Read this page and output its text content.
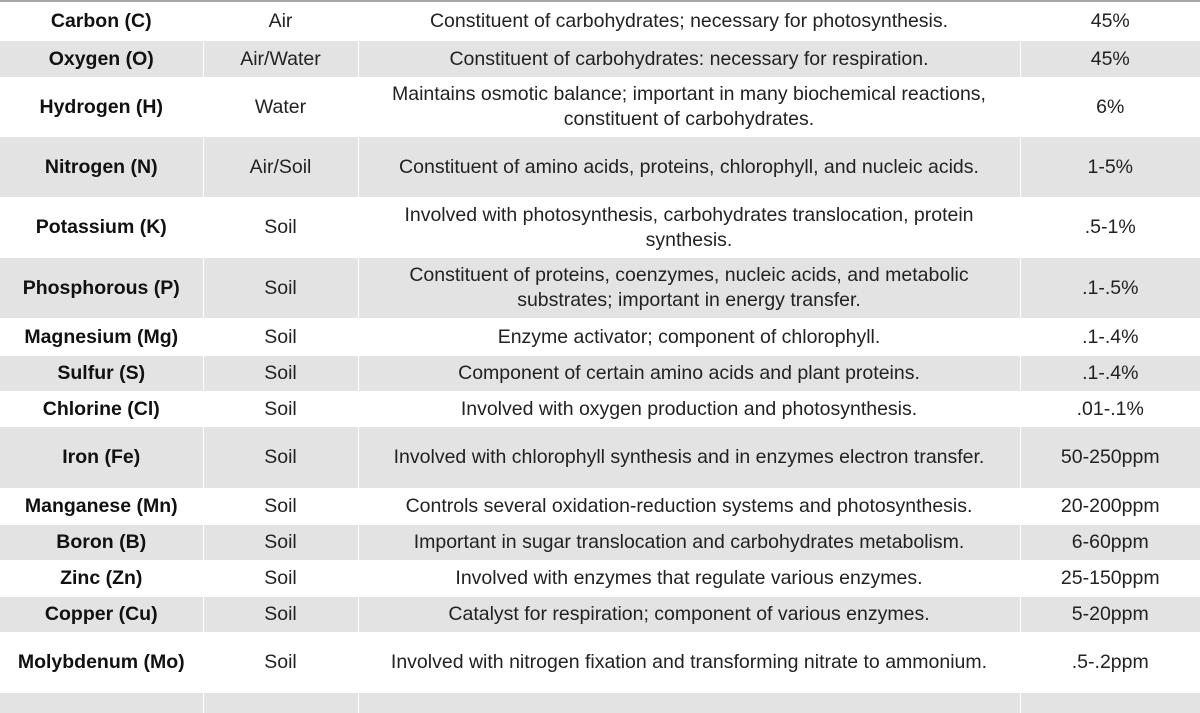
Carbon (C)	Air	Constituent of carbohydrates; necessary for photosynthesis.	45%
Oxygen (O)	Air/Water	Constituent of carbohydrates: necessary for respiration.	45%
Hydrogen (H)	Water	Maintains osmotic balance; important in many biochemical reactions, constituent of carbohydrates.	6%
Nitrogen (N)	Air/Soil	Constituent of amino acids, proteins, chlorophyll, and nucleic acids.	1-5%
Potassium (K)	Soil	Involved with photosynthesis, carbohydrates translocation, protein synthesis.	.5-1%
Phosphorous (P)	Soil	Constituent of proteins, coenzymes, nucleic acids, and metabolic substrates; important in energy transfer.	.1-.5%
Magnesium (Mg)	Soil	Enzyme activator; component of chlorophyll.	.1-.4%
Sulfur (S)	Soil	Component of certain amino acids and plant proteins.	.1-.4%
Chlorine (Cl)	Soil	Involved with oxygen production and photosynthesis.	.01-.1%
Iron (Fe)	Soil	Involved with chlorophyll synthesis and in enzymes electron transfer.	50-250ppm
Manganese (Mn)	Soil	Controls several oxidation-reduction systems and photosynthesis.	20-200ppm
Boron (B)	Soil	Important in sugar translocation and carbohydrates metabolism.	6-60ppm
Zinc (Zn)	Soil	Involved with enzymes that regulate various enzymes.	25-150ppm
Copper (Cu)	Soil	Catalyst for respiration; component of various enzymes.	5-20ppm
Molybdenum (Mo)	Soil	Involved with nitrogen fixation and transforming nitrate to ammonium.	.5-.2ppm
